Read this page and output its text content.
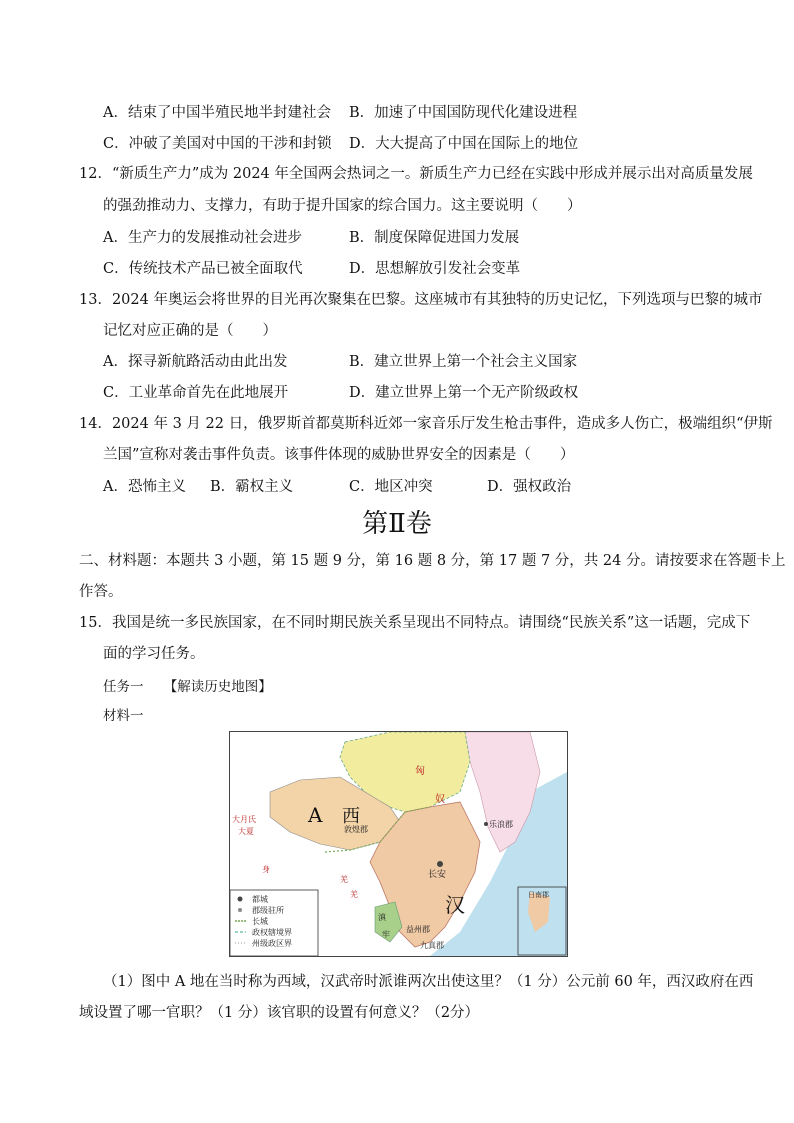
A．结束了中国半殖民地半封建社会 B．加速了中国国防现代化建设进程
C．冲破了美国对中国的干涉和封锁 D．大大提高了中国在国际上的地位
12．“新质生产力”成为 2024 年全国两会热词之一。新质生产力已经在实践中形成并展示出对高质量发展
的强劲推动力、支撑力，有助于提升国家的综合国力。这主要说明（　　）
A．生产力的发展推动社会进步	B．制度保障促进国力发展
C．传统技术产品已被全面取代	D．思想解放引发社会变革
13．2024 年奥运会将世界的目光再次聚集在巴黎。这座城市有其独特的历史记忆，下列选项与巴黎的城市
记忆对应正确的是（　　）
A．探寻新航路活动由此出发	B．建立世界上第一个社会主义国家
C．工业革命首先在此地展开	D．建立世界上第一个无产阶级政权
14．2024 年 3 月 22 日，俄罗斯首都莫斯科近郊一家音乐厅发生枪击事件，造成多人伤亡，极端组织“伊斯
兰国”宣称对袭击事件负责。该事件体现的威胁世界安全的因素是（　　）
A．恐怖主义 B．霸权主义	C．地区冲突	D．强权政治
第Ⅱ卷
二、材料题：本题共 3 小题，第 15 题 9 分，第 16 题 8 分，第 17 题 7 分，共 24 分。请按要求在答题卡上
作答。
15．我国是统一多民族国家，在不同时期民族关系呈现出不同特点。请围绕“民族关系”这一话题，完成下
面的学习任务。
任务一　　【解读历史地图】
材料一
都城
郡级驻所
长城
政权辖境界
州级政区界
A 西
匈
奴
敦煌郡
乐浪郡
长安
汉
益州郡
九真郡
日南郡
大月氏
大夏
羌
羌
身
滇
牢
（1）图中 A 地在当时称为西域，汉武帝时派谁两次出使这里？（1 分）公元前 60 年，西汉政府在西
域设置了哪一官职？（1 分）该官职的设置有何意义？（2分）
